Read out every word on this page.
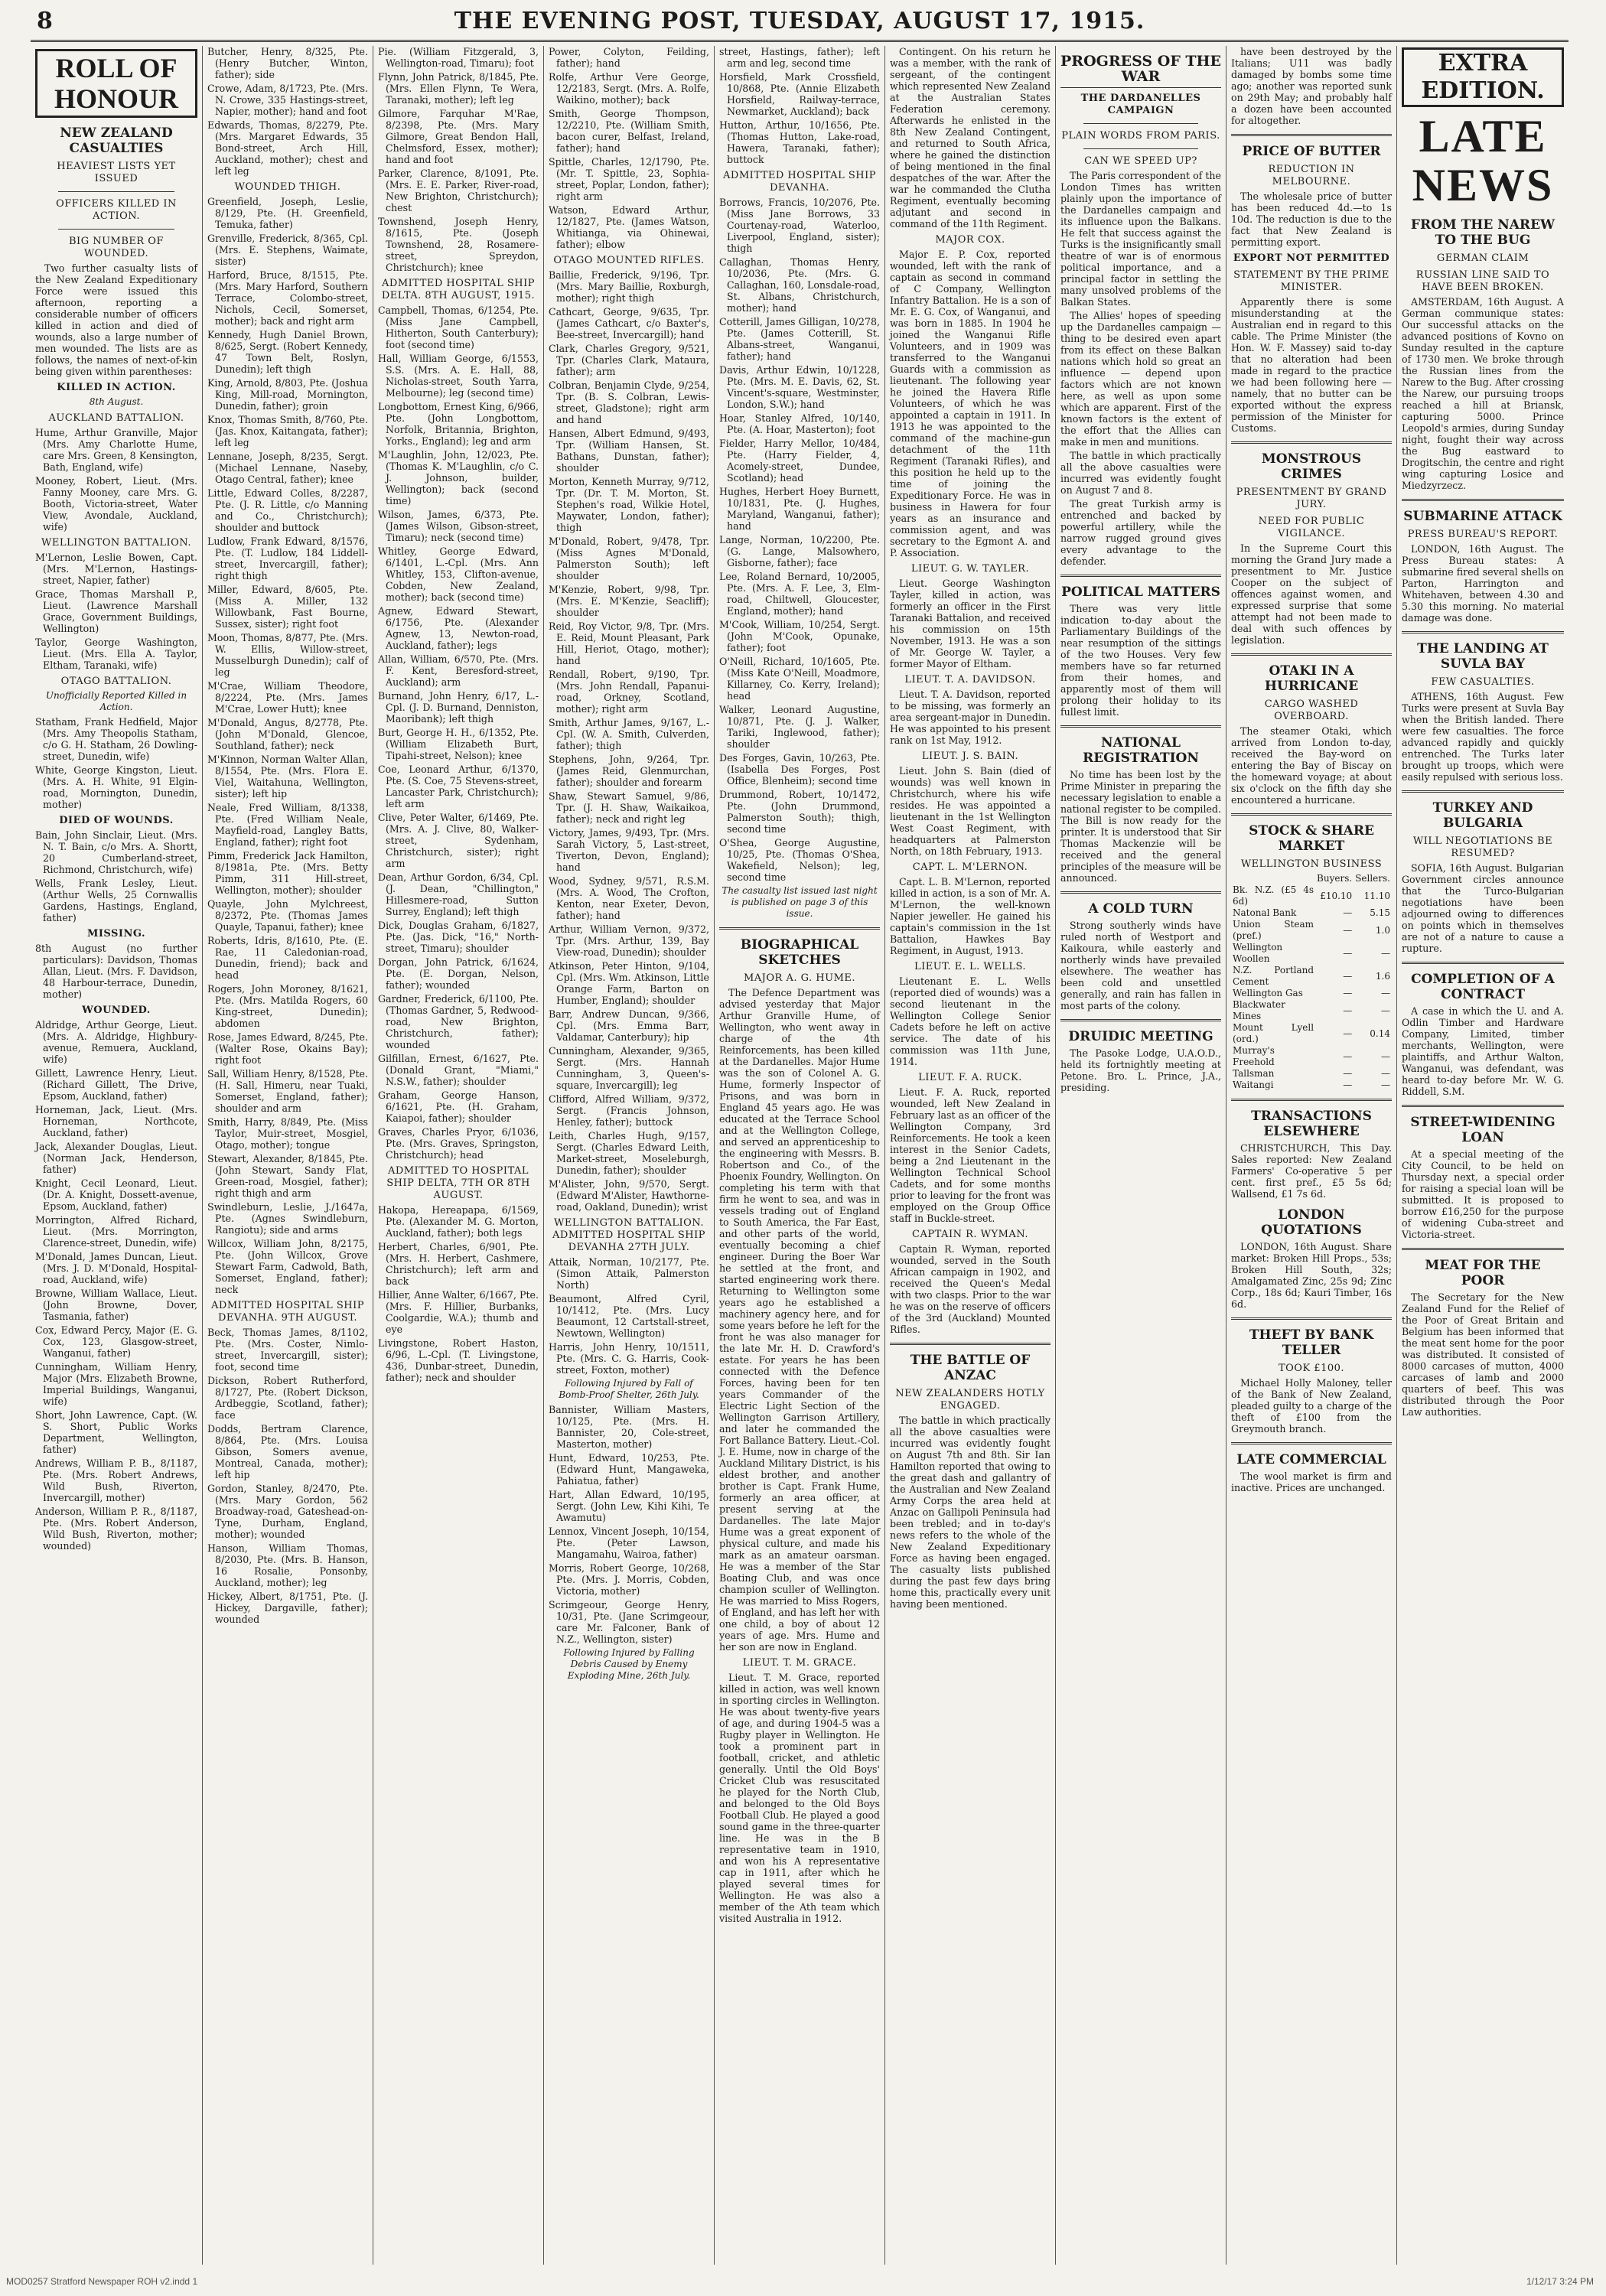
8	THE EVENING POST, TUESDAY, AUGUST 17, 1915.
ROLL OF HONOUR
NEW ZEALAND CASUALTIES
HEAVIEST LISTS YET ISSUED
OFFICERS KILLED IN ACTION.
BIG NUMBER OF WOUNDED.

Two further casualty lists of the New Zealand Expeditionary Force were issued this afternoon, reporting a considerable number of officers killed in action and died of wounds, also a large number of men wounded. The lists are as follows, the names of next-of-kin being given within parentheses:

KILLED IN ACTION.
8th August.
AUCKLAND BATTALION.

Hume, Arthur Granville, Major (Mrs. Amy Charlotte Hume, care Mrs. Green, 8 Kensington, Bath, England, wife)

Mooney, Robert, Lieut. (Mrs. Fanny Mooney, care Mrs. G. Booth, Victoria-street, Water View, Avondale, Auckland, wife)

WELLINGTON BATTALION.

M'Lernon, Leslie Bowen, Capt. (Mrs. M'Lernon, Hastings-street, Napier, father)

Grace, Thomas Marshall P., Lieut. (Lawrence Marshall Grace, Government Buildings, Wellington)

Taylor, George Washington, Lieut. (Mrs. Ella A. Taylor, Eltham, Taranaki, wife)

OTAGO BATTALION.
Unofficially Reported Killed in Action.

Statham, Frank Hedfield, Major (Mrs. Amy Theopolis Statham, c/o G. H. Statham, 26 Dowling-street, Dunedin, wife)

White, George Kingston, Lieut. (Mrs. A. H. White, 91 Elgin-road, Mornington, Dunedin, mother)

DIED OF WOUNDS.

Bain, John Sinclair, Lieut. (Mrs. N. T. Bain, c/o Mrs. A. Shortt, 20 Cumberland-street, Richmond, Christchurch, wife)

Wells, Frank Lesley, Lieut. (Arthur Wells, 25 Cornwallis Gardens, Hastings, England, father)

MISSING.

8th August (no further particulars): Davidson, Thomas Allan, Lieut. (Mrs. F. Davidson, 48 Harbour-terrace, Dunedin, mother)

WOUNDED.

Aldridge, Arthur George, Lieut. (Mrs. A. Aldridge, Highbury-avenue, Remuera, Auckland, wife)

Gillett, Lawrence Henry, Lieut. (Richard Gillett, The Drive, Epsom, Auckland, father)

Horneman, Jack, Lieut. (Mrs. Horneman, Northcote, Auckland, father)

Jack, Alexander Douglas, Lieut. (Norman Jack, Henderson, father)

Knight, Cecil Leonard, Lieut. (Dr. A. Knight, Dossett-avenue, Epsom, Auckland, father)

Morrington, Alfred Richard, Lieut. (Mrs. Morrington, Clarence-street, Dunedin, wife)

M'Donald, James Duncan, Lieut. (Mrs. J. D. M'Donald, Hospital-road, Auckland, wife)

Browne, William Wallace, Lieut. (John Browne, Dover, Tasmania, father)

Cox, Edward Percy, Major (E. G. Cox, 123, Glasgow-street, Wanganui, father)

Cunningham, William Henry, Major (Mrs. Elizabeth Browne, Imperial Buildings, Wanganui, wife)

Short, John Lawrence, Capt. (W. S. Short, Public Works Department, Wellington, father)

Andrews, William P. B., 8/1187, Pte. (Mrs. Robert Andrews, Wild Bush, Riverton, Invercargill, mother)

Anderson, William P. R., 8/1187, Pte. (Mrs. Robert Anderson, Wild Bush, Riverton, mother; wounded)

Butcher, Henry, 8/325, Pte. (Henry Butcher, Winton, father); side

Crowe, Adam, 8/1723, Pte. (Mrs. N. Crowe, 335 Hastings-street, Napier, mother); hand and foot

Edwards, Thomas, 8/2279, Pte. (Mrs. Margaret Edwards, 35 Bond-street, Arch Hill, Auckland, mother); chest and left leg

WOUNDED THIGH.

Greenfield, Joseph, Leslie, 8/129, Pte. (H. Greenfield, Temuka, father)

Grenville, Frederick, 8/365, Cpl. (Mrs. E. Stephens, Waimate, sister)

Harford, Bruce, 8/1515, Pte. (Mrs. Mary Harford, Southern Terrace, Colombo-street, Nichols, Cecil, Somerset, mother); back and right arm

Kennedy, Hugh Daniel Brown, 8/625, Sergt. (Robert Kennedy, 47 Town Belt, Roslyn, Dunedin); left thigh

King, Arnold, 8/803, Pte. (Joshua King, Mill-road, Mornington, Dunedin, father); groin

Knox, Thomas Smith, 8/760, Pte. (Jas. Knox, Kaitangata, father); left leg

Lennane, Joseph, 8/235, Sergt. (Michael Lennane, Naseby, Otago Central, father); knee

Little, Edward Colles, 8/2287, Pte. (J. R. Little, c/o Manning and Co., Christchurch); shoulder and buttock

Ludlow, Frank Edward, 8/1576, Pte. (T. Ludlow, 184 Liddell-street, Invercargill, father); right thigh

Miller, Edward, 8/605, Pte. (Miss A. Miller, 132 Willowbank, Fast Bourne, Sussex, sister); right foot

Moon, Thomas, 8/877, Pte. (Mrs. W. Ellis, Willow-street, Musselburgh Dunedin); calf of leg

M'Crae, William Theodore, 8/2224, Pte. (Mrs. James M'Crae, Lower Hutt); knee

M'Donald, Angus, 8/2778, Pte. (John M'Donald, Glencoe, Southland, father); neck

M'Kinnon, Norman Walter Allan, 8/1554, Pte. (Mrs. Flora E. Viel, Waitahuna, Wellington, sister); left hip

Neale, Fred William, 8/1338, Pte. (Fred William Neale, Mayfield-road, Langley Batts, England, father); right foot

Pimm, Frederick Jack Hamilton, 8/1981a, Pte. (Mrs. Betty Pimm, 311 Hill-street, Wellington, mother); shoulder

Quayle, John Mylchreest, 8/2372, Pte. (Thomas James Quayle, Tapanui, father); knee

Roberts, Idris, 8/1610, Pte. (E. Rae, 11 Caledonian-road, Dunedin, friend); back and head

Rogers, John Moroney, 8/1621, Pte. (Mrs. Matilda Rogers, 60 King-street, Dunedin); abdomen

Rose, James Edward, 8/245, Pte. (Walter Rose, Okains Bay); right foot

Sall, William Henry, 8/1528, Pte. (H. Sall, Himeru, near Tuaki, Somerset, England, father); shoulder and arm

Smith, Harry, 8/849, Pte. (Miss Taylor, Muir-street, Mosgiel, Otago, mother); tongue

Stewart, Alexander, 8/1845, Pte. (John Stewart, Sandy Flat, Green-road, Mosgiel, father); right thigh and arm

Swindleburn, Leslie, J./1647a, Pte. (Agnes Swindleburn, Rangiotu); side and arms

Willcox, William John, 8/2175, Pte. (John Willcox, Grove Stewart Farm, Cadwold, Bath, Somerset, England, father); neck

ADMITTED HOSPITAL SHIP DEVANHA. 9TH AUGUST.

Beck, Thomas James, 8/1102, Pte. (Mrs. Coster, Nimlo-street, Invercargill, sister); foot, second time

Dickson, Robert Rutherford, 8/1727, Pte. (Robert Dickson, Ardbeggie, Scotland, father); face

Dodds, Bertram Clarence, 8/864, Pte. (Mrs. Louisa Gibson, Somers avenue, Montreal, Canada, mother); left hip

Gordon, Stanley, 8/2470, Pte. (Mrs. Mary Gordon, 562 Broadway-road, Gateshead-on-Tyne, Durham, England, mother); wounded

Hanson, William Thomas, 8/2030, Pte. (Mrs. B. Hanson, 16 Rosalie, Ponsonby, Auckland, mother); leg

Hickey, Albert, 8/1751, Pte. (J. Hickey, Dargaville, father); wounded

Pie. (William Fitzgerald, 3, Wellington-road, Timaru); foot

Flynn, John Patrick, 8/1845, Pte. (Mrs. Ellen Flynn, Te Wera, Taranaki, mother); left leg

Gilmore, Farquhar M'Rae, 8/2398, Pte. (Mrs. Mary Gilmore, Great Bendon Hall, Chelmsford, Essex, mother); hand and foot

Parker, Clarence, 8/1091, Pte. (Mrs. E. E. Parker, River-road, New Brighton, Christchurch); chest

Townshend, Joseph Henry, 8/1615, Pte. (Joseph Townshend, 28, Rosamere-street, Spreydon, Christchurch); knee

ADMITTED HOSPITAL SHIP DELTA. 8TH AUGUST, 1915.

Campbell, Thomas, 6/1254, Pte. (Miss Jane Campbell, Hitherton, South Canterbury); foot (second time)

Hall, William George, 6/1553, S.S. (Mrs. A. E. Hall, 88, Nicholas-street, South Yarra, Melbourne); leg (second time)

Longbottom, Ernest King, 6/966, Pte. (John Longbottom, Norfolk, Britannia, Brighton, Yorks., England); leg and arm

M'Laughlin, John, 12/023, Pte. (Thomas K. M'Laughlin, c/o C. J. Johnson, builder, Wellington); back (second time)

Wilson, James, 6/373, Pte. (James Wilson, Gibson-street, Timaru); neck (second time)

Whitley, George Edward, 6/1401, L.-Cpl. (Mrs. Ann Whitley, 153, Clifton-avenue, Cobden, New Zealand, mother); back (second time)

Agnew, Edward Stewart, 6/1756, Pte. (Alexander Agnew, 13, Newton-road, Auckland, father); legs

Allan, William, 6/570, Pte. (Mrs. F. Kent, Beresford-street, Auckland); arm

Burnand, John Henry, 6/17, L.-Cpl. (J. D. Burnand, Denniston, Maoribank); left thigh

Burt, George H. H., 6/1352, Pte. (William Elizabeth Burt, Tipahi-street, Nelson); knee

Coe, Leonard Arthur, 6/1370, Pte. (S. Coe, 75 Stevens-street, Lancaster Park, Christchurch); left arm

Clive, Peter Walter, 6/1469, Pte. (Mrs. A. J. Clive, 80, Walker-street, Sydenham, Christchurch, sister); right arm

Dean, Arthur Gordon, 6/34, Cpl. (J. Dean, "Chillington," Hillesmere-road, Sutton Surrey, England); left thigh

Dick, Douglas Graham, 6/1827, Pte. (Jas. Dick, "16," North-street, Timaru); shoulder

Dorgan, John Patrick, 6/1624, Pte. (E. Dorgan, Nelson, father); wounded

Gardner, Frederick, 6/1100, Pte. (Thomas Gardner, 5, Redwood-road, New Brighton, Christchurch, father); wounded

Gilfillan, Ernest, 6/1627, Pte. (Donald Grant, "Miami," N.S.W., father); shoulder

Graham, George Hanson, 6/1621, Pte. (H. Graham, Kaiapoi, father); shoulder

Graves, Charles Pryor, 6/1036, Pte. (Mrs. Graves, Springston, Christchurch); head

ADMITTED TO HOSPITAL SHIP DELTA, 7TH OR 8TH AUGUST.

Hakopa, Hereapapa, 6/1569, Pte. (Alexander M. G. Morton, Auckland, father); both legs

Herbert, Charles, 6/901, Pte. (Mrs. H. Herbert, Cashmere, Christchurch); left arm and back

Hillier, Anne Walter, 6/1667, Pte. (Mrs. F. Hillier, Burbanks, Coolgardie, W.A.); thumb and eye

Livingstone, Robert Haston, 6/96, L.-Cpl. (T. Livingstone, 436, Dunbar-street, Dunedin, father); neck and shoulder

Power, Colyton, Feilding, father); hand

Rolfe, Arthur Vere George, 12/2183, Sergt. (Mrs. A. Rolfe, Waikino, mother); back

Smith, George Thompson, 12/2210, Pte. (William Smith, bacon curer, Belfast, Ireland, father); hand

Spittle, Charles, 12/1790, Pte. (Mr. T. Spittle, 23, Sophia-street, Poplar, London, father); right arm

Watson, Edward Arthur, 12/1827, Pte. (James Watson, Whitianga, via Ohinewai, father); elbow

OTAGO MOUNTED RIFLES.

Baillie, Frederick, 9/196, Tpr. (Mrs. Mary Baillie, Roxburgh, mother); right thigh

Cathcart, George, 9/635, Tpr. (James Cathcart, c/o Baxter's, Bee-street, Invercargill); hand

Clark, Charles Gregory, 9/521, Tpr. (Charles Clark, Mataura, father); arm

Colbran, Benjamin Clyde, 9/254, Tpr. (B. S. Colbran, Lewis-street, Gladstone); right arm and hand

Hansen, Albert Edmund, 9/493, Tpr. (William Hansen, St. Bathans, Dunstan, father); shoulder

Morton, Kenneth Murray, 9/712, Tpr. (Dr. T. M. Morton, St. Stephen's road, Wilkie Hotel, Maywater, London, father); thigh

M'Donald, Robert, 9/478, Tpr. (Miss Agnes M'Donald, Palmerston South); left shoulder

M'Kenzie, Robert, 9/98, Tpr. (Mrs. E. M'Kenzie, Seacliff); shoulder

Reid, Roy Victor, 9/8, Tpr. (Mrs. E. Reid, Mount Pleasant, Park Hill, Heriot, Otago, mother); hand

Rendall, Robert, 9/190, Tpr. (Mrs. John Rendall, Papanui-road, Orkney, Scotland, mother); right arm

Smith, Arthur James, 9/167, L.-Cpl. (W. A. Smith, Culverden, father); thigh

Stephens, John, 9/264, Tpr. (James Reid, Glenmurchan, father); shoulder and forearm

Shaw, Stewart Samuel, 9/86, Tpr. (J. H. Shaw, Waikaikoa, father); neck and right leg

Victory, James, 9/493, Tpr. (Mrs. Sarah Victory, 5, Last-street, Tiverton, Devon, England); hand

Wood, Sydney, 9/571, R.S.M. (Mrs. A. Wood, The Crofton, Kenton, near Exeter, Devon, father); hand

Arthur, William Vernon, 9/372, Tpr. (Mrs. Arthur, 139, Bay View-road, Dunedin); shoulder

Atkinson, Peter Hinton, 9/104, Cpl. (Mrs. Wm. Atkinson, Little Orange Farm, Barton on Humber, England); shoulder

Barr, Andrew Duncan, 9/366, Cpl. (Mrs. Emma Barr, Valdamar, Canterbury); hip

Cunningham, Alexander, 9/365, Sergt. (Mrs. Hannah Cunningham, 3, Queen's-square, Invercargill); leg

Clifford, Alfred William, 9/372, Sergt. (Francis Johnson, Henley, father); buttock

Leith, Charles Hugh, 9/157, Sergt. (Charles Edward Leith, Market-street, Moseleburgh, Dunedin, father); shoulder

M'Alister, John, 9/570, Sergt. (Edward M'Alister, Hawthorne-road, Oakland, Dunedin); wrist

WELLINGTON BATTALION. ADMITTED HOSPITAL SHIP DEVANHA 27TH JULY.

Attaik, Norman, 10/2177, Pte. (Simon Attaik, Palmerston North)

Beaumont, Alfred Cyril, 10/1412, Pte. (Mrs. Lucy Beaumont, 12 Cartstall-street, Newtown, Wellington)

Harris, John Henry, 10/1511, Pte. (Mrs. C. G. Harris, Cook-street, Foxton, mother)

Following Injured by Fall of Bomb-Proof Shelter, 26th July.

Bannister, William Masters, 10/125, Pte. (Mrs. H. Bannister, 20, Cole-street, Masterton, mother)

Hunt, Edward, 10/253, Pte. (Edward Hunt, Mangaweka, Pahiatua, father)

Hart, Allan Edward, 10/195, Sergt. (John Lew, Kihi Kihi, Te Awamutu)

Lennox, Vincent Joseph, 10/154, Pte. (Peter Lawson, Mangamahu, Wairoa, father)

Morris, Robert George, 10/268, Pte. (Mrs. J. Morris, Cobden, Victoria, mother)

Scrimgeour, George Henry, 10/31, Pte. (Jane Scrimgeour, care Mr. Falconer, Bank of N.Z., Wellington, sister)

Following Injured by Falling Debris Caused by Enemy Exploding Mine, 26th July.

street, Hastings, father); left arm and leg, second time

Horsfield, Mark Crossfield, 10/868, Pte. (Annie Elizabeth Horsfield, Railway-terrace, Newmarket, Auckland); back

Hutton, Arthur, 10/1656, Pte. (Thomas Hutton, Lake-road, Hawera, Taranaki, father); buttock

ADMITTED HOSPITAL SHIP DEVANHA.

Borrows, Francis, 10/2076, Pte. (Miss Jane Borrows, 33 Courtenay-road, Waterloo, Liverpool, England, sister); thigh

Callaghan, Thomas Henry, 10/2036, Pte. (Mrs. G. Callaghan, 160, Lonsdale-road, St. Albans, Christchurch, mother); hand

Cotterill, James Gilligan, 10/278, Pte. (James Cotterill, St. Albans-street, Wanganui, father); hand

Davis, Arthur Edwin, 10/1228, Pte. (Mrs. M. E. Davis, 62, St. Vincent's-square, Westminster, London, S.W.); hand

Hoar, Stanley Alfred, 10/140, Pte. (A. Hoar, Masterton); foot

Fielder, Harry Mellor, 10/484, Pte. (Harry Fielder, 4, Acomely-street, Dundee, Scotland); head

Hughes, Herbert Hoey Burnett, 10/1831, Pte. (J. Hughes, Maryland, Wanganui, father); hand

Lange, Norman, 10/2200, Pte. (G. Lange, Malsowhero, Gisborne, father); face

Lee, Roland Bernard, 10/2005, Pte. (Mrs. A. F. Lee, 3, Elm-road, Chiltwell, Gloucester, England, mother); hand

M'Cook, William, 10/254, Sergt. (John M'Cook, Opunake, father); foot

O'Neill, Richard, 10/1605, Pte. (Miss Kate O'Neill, Moadmore, Killarney, Co. Kerry, Ireland); head

Walker, Leonard Augustine, 10/871, Pte. (J. J. Walker, Tariki, Inglewood, father); shoulder

Des Forges, Gavin, 10/263, Pte. (Isabella Des Forges, Post Office, Blenheim); second time

Drummond, Robert, 10/1472, Pte. (John Drummond, Palmerston South); thigh, second time

O'Shea, George Augustine, 10/25, Pte. (Thomas O'Shea, Wakefield, Nelson); leg, second time

The casualty list issued last night is published on page 3 of this issue.
BIOGRAPHICAL SKETCHES
MAJOR A. G. HUME.

The Defence Department was advised yesterday that Major Arthur Granville Hume, of Wellington, who went away in charge of the 4th Reinforcements, has been killed at the Dardanelles. Major Hume was the son of Colonel A. G. Hume, formerly Inspector of Prisons, and was born in England 45 years ago. He was educated at the Terrace School and at the Wellington College, and served an apprenticeship to the engineering with Messrs. B. Robertson and Co., of the Phoenix Foundry, Wellington. On completing his term with that firm he went to sea, and was in vessels trading out of England to South America, the Far East, and other parts of the world, eventually becoming a chief engineer. During the Boer War he settled at the front, and started engineering work there. Returning to Wellington some years ago he established a machinery agency here, and for some years before he left for the front he was also manager for the late Mr. H. D. Crawford's estate. For years he has been connected with the Defence Forces, having been for ten years Commander of the Electric Light Section of the Wellington Garrison Artillery, and later he commanded the Fort Ballance Battery. Lieut.-Col. J. E. Hume, now in charge of the Auckland Military District, is his eldest brother, and another brother is Capt. Frank Hume, formerly an area officer, at present serving at the Dardanelles. The late Major Hume was a great exponent of physical culture, and made his mark as an amateur oarsman. He was a member of the Star Boating Club, and was once champion sculler of Wellington. He was married to Miss Rogers, of England, and has left her with one child, a boy of about 12 years of age. Mrs. Hume and her son are now in England.

LIEUT. T. M. GRACE.

Lieut. T. M. Grace, reported killed in action, was well known in sporting circles in Wellington. He was about twenty-five years of age, and during 1904-5 was a Rugby player in Wellington. He took a prominent part in football, cricket, and athletic generally. Until the Old Boys' Cricket Club was resuscitated he played for the North Club, and belonged to the Old Boys Football Club. He played a good sound game in the three-quarter line. He was in the B representative team in 1910, and won his A representative cap in 1911, after which he played several times for Wellington. He was also a member of the Ath team which visited Australia in 1912.

Contingent. On his return he was a member, with the rank of sergeant, of the contingent which represented New Zealand at the Australian States Federation ceremony. Afterwards he enlisted in the 8th New Zealand Contingent, and returned to South Africa, where he gained the distinction of being mentioned in the final despatches of the war. After the war he commanded the Clutha Regiment, eventually becoming adjutant and second in command of the 11th Regiment.

MAJOR COX.

Major E. P. Cox, reported wounded, left with the rank of captain as second in command of C Company, Wellington Infantry Battalion. He is a son of Mr. E. G. Cox, of Wanganui, and was born in 1885. In 1904 he joined the Wanganui Rifle Volunteers, and in 1909 was transferred to the Wanganui Guards with a commission as lieutenant. The following year he joined the Havera Rifle Volunteers, of which he was appointed a captain in 1911. In 1913 he was appointed to the command of the machine-gun detachment of the 11th Regiment (Taranaki Rifles), and this position he held up to the time of joining the Expeditionary Force. He was in business in Hawera for four years as an insurance and commission agent, and was secretary to the Egmont A. and P. Association.

LIEUT. G. W. TAYLER.

Lieut. George Washington Tayler, killed in action, was formerly an officer in the First Taranaki Battalion, and received his commission on 15th November, 1913. He was a son of Mr. George W. Tayler, a former Mayor of Eltham.

LIEUT. T. A. DAVIDSON.

Lieut. T. A. Davidson, reported to be missing, was formerly an area sergeant-major in Dunedin. He was appointed to his present rank on 1st May, 1912.

LIEUT. J. S. BAIN.

Lieut. John S. Bain (died of wounds) was well known in Christchurch, where his wife resides. He was appointed a lieutenant in the 1st Wellington West Coast Regiment, with headquarters at Palmerston North, on 18th February, 1913.

CAPT. L. M'LERNON.

Capt. L. B. M'Lernon, reported killed in action, is a son of Mr. A. M'Lernon, the well-known Napier jeweller. He gained his captain's commission in the 1st Battalion, Hawkes Bay Regiment, in August, 1913.

LIEUT. E. L. WELLS.

Lieutenant E. L. Wells (reported died of wounds) was a second lieutenant in the Wellington College Senior Cadets before he left on active service. The date of his commission was 11th June, 1914.

LIEUT. F. A. RUCK.

Lieut. F. A. Ruck, reported wounded, left New Zealand in February last as an officer of the Wellington Company, 3rd Reinforcements. He took a keen interest in the Senior Cadets, being a 2nd Lieutenant in the Wellington Technical School Cadets, and for some months prior to leaving for the front was employed on the Group Office staff in Buckle-street.

CAPTAIN R. WYMAN.

Captain R. Wyman, reported wounded, served in the South African campaign in 1902, and received the Queen's Medal with two clasps. Prior to the war he was on the reserve of officers of the 3rd (Auckland) Mounted Rifles.

THE BATTLE OF ANZAC
NEW ZEALANDERS HOTLY ENGAGED.

The battle in which practically all the above casualties were incurred was evidently fought on August 7th and 8th. Sir Ian Hamilton reported that owing to the great dash and gallantry of the Australian and New Zealand Army Corps the area held at Anzac on Gallipoli Peninsula had been trebled; and in to-day's news refers to the whole of the New Zealand Expeditionary Force as having been engaged. The casualty lists published during the past few days bring home this, practically every unit having been mentioned.

PROGRESS OF THE WAR
THE DARDANELLES CAMPAIGN
PLAIN WORDS FROM PARIS.
CAN WE SPEED UP?

The Paris correspondent of the London Times has written plainly upon the importance of the Dardanelles campaign and its influence upon the Balkans. He felt that success against the Turks is the insignificantly small theatre of war is of enormous political importance, and a principal factor in settling the many unsolved problems of the Balkan States.

The Allies' hopes of speeding up the Dardanelles campaign — thing to be desired even apart from its effect on these Balkan nations which hold so great an influence — depend upon factors which are not known here, as well as upon some which are apparent. First of the known factors is the extent of the effort that the Allies can make in men and munitions.

The battle in which practically all the above casualties were incurred was evidently fought on August 7 and 8.

The great Turkish army is entrenched and backed by powerful artillery, while the narrow rugged ground gives every advantage to the defender.

POLITICAL MATTERS

There was very little indication to-day about the Parliamentary Buildings of the near resumption of the sittings of the two Houses. Very few members have so far returned from their homes, and apparently most of them will prolong their holiday to its fullest limit.

NATIONAL REGISTRATION

No time has been lost by the Prime Minister in preparing the necessary legislation to enable a national register to be compiled. The Bill is now ready for the printer. It is understood that Sir Thomas Mackenzie will be received and the general principles of the measure will be announced.

A COLD TURN

Strong southerly winds have ruled north of Westport and Kaikoura, while easterly and northerly winds have prevailed elsewhere. The weather has been cold and unsettled generally, and rain has fallen in most parts of the colony.

DRUIDIC MEETING

The Pasoke Lodge, U.A.O.D., held its fortnightly meeting at Petone. Bro. L. Prince, J.A., presiding.

have been destroyed by the Italians; U11 was badly damaged by bombs some time ago; another was reported sunk on 29th May; and probably half a dozen have been accounted for altogether.

PRICE OF BUTTER
REDUCTION IN MELBOURNE.

The wholesale price of butter has been reduced 4d.—to 1s 10d. The reduction is due to the fact that New Zealand is permitting export.

EXPORT NOT PERMITTED
STATEMENT BY THE PRIME MINISTER.

Apparently there is some misunderstanding at the Australian end in regard to this cable. The Prime Minister (the Hon. W. F. Massey) said to-day that no alteration had been made in regard to the practice we had been following here — namely, that no butter can be exported without the express permission of the Minister for Customs.

MONSTROUS CRIMES
PRESENTMENT BY GRAND JURY.
NEED FOR PUBLIC VIGILANCE.

In the Supreme Court this morning the Grand Jury made a presentment to Mr. Justice Cooper on the subject of offences against women, and expressed surprise that some attempt had not been made to deal with such offences by legislation.

OTAKI IN A HURRICANE
CARGO WASHED OVERBOARD.

The steamer Otaki, which arrived from London to-day, received the Bay-word on entering the Bay of Biscay on the homeward voyage; at about six o'clock on the fifth day she encountered a hurricane.

STOCK & SHARE MARKET
WELLINGTON BUSINESS
	Buyers.	Sellers.
Bk. N.Z. (£5 4s 6d)	£10.10	11.10
Natonal Bank	—	5.15
Union Steam (pref.)	—	1.0
Wellington Woollen	—	—
N.Z. Portland Cement	—	1.6
Wellington Gas	—	—
Blackwater Mines	—	—
Mount Lyell (ord.)	—	0.14
Murray's Freehold	—	—
Tallsman	—	—
Waitangi	—	—
TRANSACTIONS ELSEWHERE

CHRISTCHURCH, This Day. Sales reported: New Zealand Farmers' Co-operative 5 per cent. first pref., £5 5s 6d; Wallsend, £1 7s 6d.

LONDON QUOTATIONS

LONDON, 16th August. Share market: Broken Hill Props., 53s; Broken Hill South, 32s; Amalgamated Zinc, 25s 9d; Zinc Corp., 18s 6d; Kauri Timber, 16s 6d.

THEFT BY BANK TELLER
TOOK £100.

Michael Holly Maloney, teller of the Bank of New Zealand, pleaded guilty to a charge of the theft of £100 from the Greymouth branch.

LATE COMMERCIAL

The wool market is firm and inactive. Prices are unchanged.

EXTRA EDITION.
LATE NEWS
FROM THE NAREW TO THE BUG
GERMAN CLAIM
RUSSIAN LINE SAID TO HAVE BEEN BROKEN.

AMSTERDAM, 16th August. A German communique states: Our successful attacks on the advanced positions of Kovno on Sunday resulted in the capture of 1730 men. We broke through the Russian lines from the Narew to the Bug. After crossing the Narew, our pursuing troops reached a hill at Briansk, capturing 5000. Prince Leopold's armies, during Sunday night, fought their way across the Bug eastward to Drogitschin, the centre and right wing capturing Losice and Miedzyrzecz.

SUBMARINE ATTACK
PRESS BUREAU'S REPORT.

LONDON, 16th August. The Press Bureau states: A submarine fired several shells on Parton, Harrington and Whitehaven, between 4.30 and 5.30 this morning. No material damage was done.

THE LANDING AT SUVLA BAY
FEW CASUALTIES.

ATHENS, 16th August. Few Turks were present at Suvla Bay when the British landed. There were few casualties. The force advanced rapidly and quickly entrenched. The Turks later brought up troops, which were easily repulsed with serious loss.

TURKEY AND BULGARIA
WILL NEGOTIATIONS BE RESUMED?

SOFIA, 16th August. Bulgarian Government circles announce that the Turco-Bulgarian negotiations have been adjourned owing to differences on points which in themselves are not of a nature to cause a rupture.

COMPLETION OF A CONTRACT

A case in which the U. and A. Odlin Timber and Hardware Company, Limited, timber merchants, Wellington, were plaintiffs, and Arthur Walton, Wanganui, was defendant, was heard to-day before Mr. W. G. Riddell, S.M.

STREET-WIDENING LOAN

At a special meeting of the City Council, to be held on Thursday next, a special order for raising a special loan will be submitted. It is proposed to borrow £16,250 for the purpose of widening Cuba-street and Victoria-street.

MEAT FOR THE POOR

The Secretary for the New Zealand Fund for the Relief of the Poor of Great Britain and Belgium has been informed that the meat sent home for the poor was distributed. It consisted of 8000 carcases of mutton, 4000 carcases of lamb and 2000 quarters of beef. This was distributed through the Poor Law authorities.

MOD0257 Stratford Newspaper ROH v2.indd 1	1/12/17 3:24 PM
